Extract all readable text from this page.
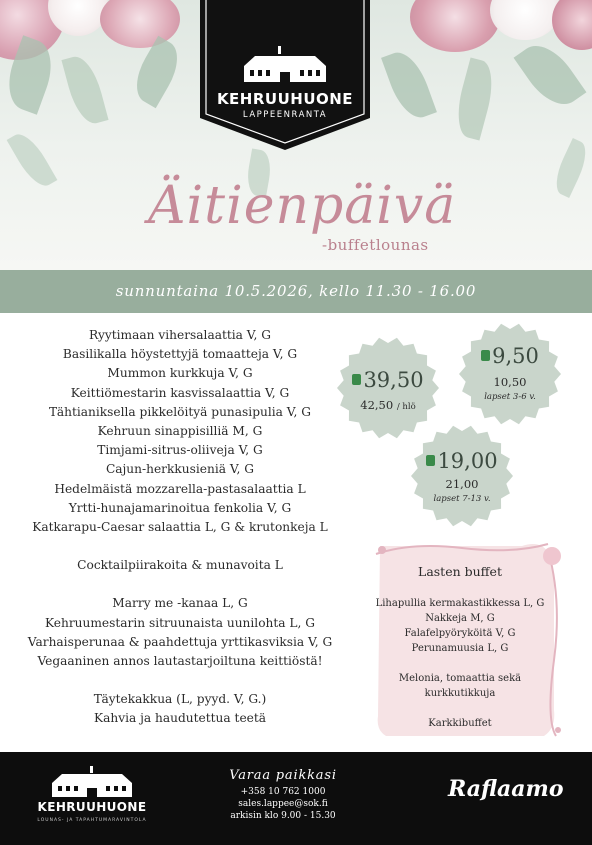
KEHRUUHUONE
LAPPEENRANTA
Äitienpäivä
-buffetlounas
sunnuntaina 10.5.2026, kello 11.30 - 16.00
Ryytimaan vihersalaattia V, G
Basilikalla höystettyjä tomaatteja V, G
Mummon kurkkuja V, G
Keittiömestarin kasvissalaattia V, G
Tähtianiksella pikkelöityä punasipulia V, G
Kehruun sinappisilliä M, G
Timjami-sitrus-oliiveja V, G
Cajun-herkkusieniä V, G
Hedelmäistä mozzarella-pastasalaattia L
Yrtti-hunajamarinoitua fenkolia V, G
Katkarapu-Caesar salaattia L, G & krutonkeja L
Cocktailpiirakoita & munavoita L
Marry me -kanaa L, G
Kehruumestarin sitruunaista uunilohta L, G
Varhaisperunaa & paahdettuja yrttikasviksia V, G
Vegaaninen annos lautastarjoiltuna keittiöstä!
Täytekakkua (L, pyyd. V, G.)
Kahvia ja haudutettua teetä
39,50
42,50 / hlö
9,50
10,50
lapset 3-6 v.
19,00
21,00
lapset 7-13 v.
Lasten buffet
Lihapullia kermakastikkessa L, G
Nakkeja M, G
Falafelpyöryköitä V, G
Perunamuusia L, G
Melonia, tomaattia sekä
kurkkutikkuja
Karkkibuffet
KEHRUUHUONE
LOUNAS- JA TAPAHTUMARAVINTOLA
Varaa paikkasi
+358 10 762 1000
sales.lappee@sok.fi
arkisin klo 9.00 - 15.30
Raflaamo
